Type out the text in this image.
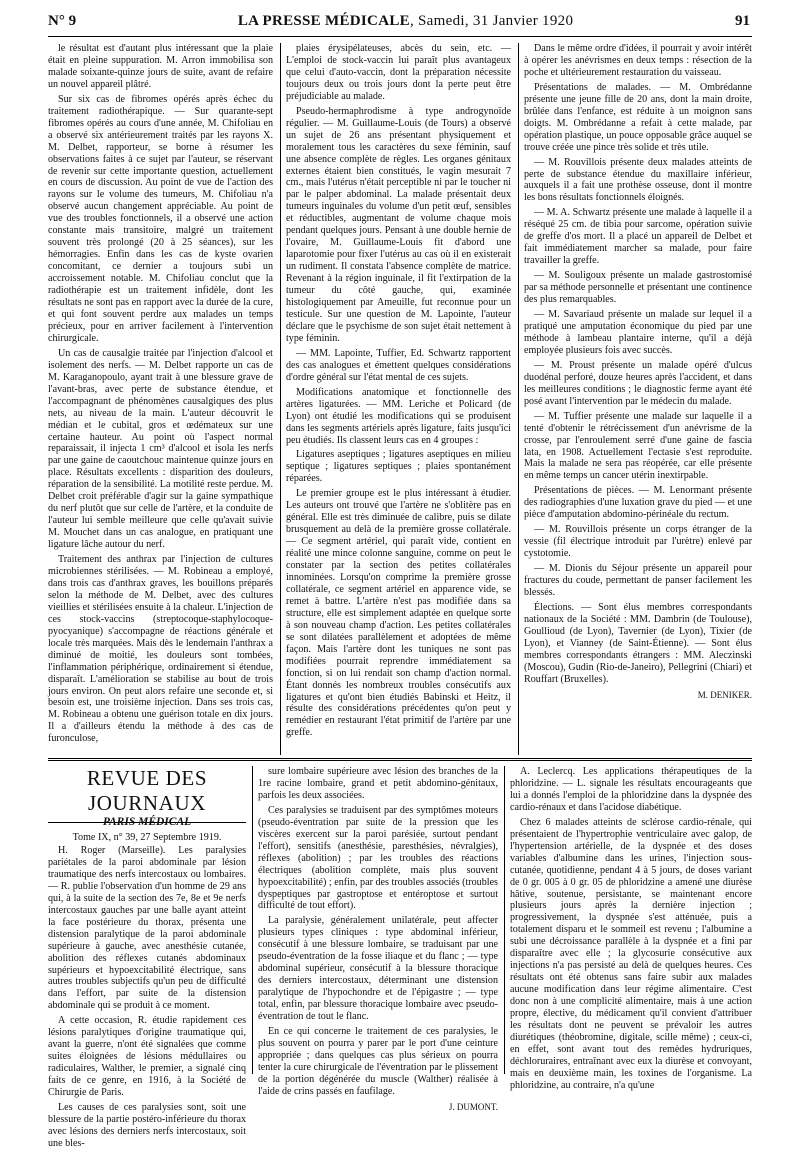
N° 9	LA PRESSE MÉDICALE, Samedi, 31 Janvier 1920	91

le résultat est d'autant plus intéressant que la plaie était en pleine suppuration. M. Arron immobilisa son malade soixante-quinze jours de suite, avant de refaire un nouvel appareil plâtré.

Sur six cas de fibromes opérés après échec du traitement radiothérapique. — Sur quarante-sept fibromes opérés au cours d'une année, M. Chifoliau en a observé six antérieurement traités par les rayons X. M. Delbet, rapporteur, se borne à résumer les observations faites à ce sujet par l'auteur, se réservant de revenir sur cette importante question, actuellement en cours de discussion. Au point de vue de l'action des rayons sur le volume des tumeurs, M. Chifoliau n'a observé aucun changement appréciable. Au point de vue des troubles fonctionnels, il a observé une action constante mais transitoire, malgré un traitement souvent très prolongé (20 à 25 séances), sur les hémorragies. Enfin dans les cas de kyste ovarien concomitant, ce dernier a toujours subi un accroissement notable. M. Chifoliau conclut que la radiothérapie est un traitement infidèle, dont les résultats ne sont pas en rapport avec la durée de la cure, et qui font souvent perdre aux malades un temps précieux, pour en arriver facilement à l'intervention chirurgicale.

Un cas de causalgie traitée par l'injection d'alcool et isolement des nerfs. — M. Delbet rapporte un cas de M. Karaganopoulo, ayant trait à une blessure grave de l'avant-bras, avec perte de substance étendue, et l'accompagnant de phénomènes causalgiques des plus nets, au niveau de la main. L'auteur découvrit le médian et le cubital, gros et œdémateux sur une certaine hauteur. Au point où l'aspect normal reparaissait, il injecta 1 cm³ d'alcool et isola les nerfs par une gaine de caoutchouc maintenue quinze jours en place. Résultats excellents : disparition des douleurs, réparation de la sensibilité. La motilité reste perdue. M. Delbet croit préférable d'agir sur la gaine sympathique du nerf plutôt que sur celle de l'artère, et la conduite de l'auteur lui semble meilleure que celle qu'avait suivie M. Mouchet dans un cas analogue, en pratiquant une ligature lâche autour du nerf.

Traitement des anthrax par l'injection de cultures microbiennes stérilisées. — M. Robineau a employé, dans trois cas d'anthrax graves, les bouillons préparés selon la méthode de M. Delbet, avec des cultures vieillies et stérilisées ensuite à la chaleur. L'injection de ces stock-vaccins (streptocoque-staphylocoque-pyocyanique) s'accompagne de réactions générale et locale très marquées. Mais dès le lendemain l'anthrax a diminué de moitié, les douleurs sont tombées, l'inflammation périphérique, ordinairement si étendue, disparaît. L'amélioration se stabilise au bout de trois jours environ. On peut alors refaire une seconde et, si besoin est, une troisième injection. Dans ses trois cas, M. Robineau a obtenu une guérison totale en dix jours. Il a d'ailleurs étendu la méthode à des cas de furonculose,

plaies érysipélateuses, abcès du sein, etc. — L'emploi de stock-vaccin lui paraît plus avantageux que celui d'auto-vaccin, dont la préparation nécessite toujours deux ou trois jours dont la perte peut être préjudiciable au malade.

Pseudo-hermaphrodisme à type androgynoïde régulier. — M. Guillaume-Louis (de Tours) a observé un sujet de 26 ans présentant physiquement et moralement tous les caractères du sexe féminin, sauf une absence complète de règles. Les organes génitaux externes étaient bien constitués, le vagin mesurait 7 cm., mais l'utérus n'était perceptible ni par le toucher ni par le palper abdominal. La malade présentait deux tumeurs inguinales du volume d'un petit œuf, sensibles et réductibles, augmentant de volume chaque mois pendant quelques jours. Pensant à une double hernie de l'ovaire, M. Guillaume-Louis fit d'abord une laparotomie pour fixer l'utérus au cas où il en existerait un rudiment. Il constata l'absence complète de matrice. Revenant à la région inguinale, il fit l'extirpation de la tumeur du côté gauche, qui, examinée histologiquement par Ameuille, fut reconnue pour un testicule. Sur une question de M. Lapointe, l'auteur déclare que le psychisme de son sujet était nettement à type féminin.

— MM. Lapointe, Tuffier, Ed. Schwartz rapportent des cas analogues et émettent quelques considérations d'ordre général sur l'état mental de ces sujets.

Modifications anatomique et fonctionnelle des artères ligaturées. — MM. Leriche et Policard (de Lyon) ont étudié les modifications qui se produisent dans les segments artériels après ligature, faits jusqu'ici peu étudiés. Ils classent leurs cas en 4 groupes :

Ligatures aseptiques ; ligatures aseptiques en milieu septique ; ligatures septiques ; plaies spontanément réparées.

Le premier groupe est le plus intéressant à étudier. Les auteurs ont trouvé que l'artère ne s'oblitère pas en général. Elle est très diminuée de calibre, puis se dilate brusquement au delà de la première grosse collatérale. — Ce segment artériel, qui paraît vide, contient en réalité une mince colonne sanguine, comme on peut le constater par la section des petites collatérales innominées. Lorsqu'on comprime la première grosse collatérale, ce segment artériel en apparence vide, se remet à battre. L'artère n'est pas modifiée dans sa structure, elle est simplement adaptée en quelque sorte à son nouveau champ d'action. Les petites collatérales se sont dilatées parallèlement et adoptées de même façon. Mais l'artère dont les tuniques ne sont pas modifiées pourrait reprendre immédiatement sa fonction, si on lui rendait son champ d'action normal. Étant donnés les nombreux troubles consécutifs aux ligatures et qu'ont bien étudiés Babinski et Heitz, il résulte des considérations précédentes qu'on peut y remédier en restaurant l'état primitif de l'artère par une greffe.

Dans le même ordre d'idées, il pourrait y avoir intérêt à opérer les anévrismes en deux temps : résection de la poche et ultérieurement restauration du vaisseau.

Présentations de malades. — M. Ombrédanne présente une jeune fille de 20 ans, dont la main droite, brûlée dans l'enfance, est réduite à un moignon sans doigts. M. Ombrédanne a refait à cette malade, par opération plastique, un pouce opposable grâce auquel se trouve créée une pince très solide et très utile.

— M. Rouvillois présente deux malades atteints de perte de substance étendue du maxillaire inférieur, auxquels il a fait une prothèse osseuse, dont il montre les bons résultats fonctionnels éloignés.

— M. A. Schwartz présente une malade à laquelle il a réséqué 25 cm. de tibia pour sarcome, opération suivie de greffe d'os mort. Il a placé un appareil de Delbet et fait immédiatement marcher sa malade, pour faire travailler la greffe.

— M. Souligoux présente un malade gastrostomisé par sa méthode personnelle et présentant une continence des plus remarquables.

— M. Savariaud présente un malade sur lequel il a pratiqué une amputation économique du pied par une méthode à lambeau plantaire interne, qu'il a déjà employée plusieurs fois avec succès.

— M. Proust présente un malade opéré d'ulcus duodénal perforé, douze heures après l'accident, et dans les meilleures conditions ; le diagnostic ferme ayant été posé avant l'intervention par le médecin du malade.

— M. Tuffier présente une malade sur laquelle il a tenté d'obtenir le rétrécissement d'un anévrisme de la crosse, par l'enroulement serré d'une gaine de fascia lata, en 1908. Actuellement l'ectasie s'est reproduite. Mais la malade ne sera pas réopérée, car elle présente en même temps un cancer utérin inextirpable.

Présentations de pièces. — M. Lenormant présente des radiographies d'une luxation grave du pied — et une pièce d'amputation abdomino-périnéale du rectum.

— M. Rouvillois présente un corps étranger de la vessie (fil électrique introduit par l'urètre) enlevé par cystotomie.

— M. Dionis du Séjour présente un appareil pour fractures du coude, permettant de panser facilement les blessés.

Élections. — Sont élus membres correspondants nationaux de la Société : MM. Dambrin (de Toulouse), Goullioud (de Lyon), Tavernier (de Lyon), Tixier (de Lyon), et Vianney (de Saint-Étienne). — Sont élus membres correspondants étrangers : MM. Aleczinski (Moscou), Gudin (Rio-de-Janeiro), Pellegrini (Chiari) et Rouffart (Bruxelles).

M. DENIKER.
REVUE DES JOURNAUX
PARIS MÉDICAL
Tome IX, n° 39, 27 Septembre 1919.

H. Roger (Marseille). Les paralysies pariétales de la paroi abdominale par lésion traumatique des nerfs intercostaux ou lombaires. — R. publie l'observation d'un homme de 29 ans qui, à la suite de la section des 7e, 8e et 9e nerfs intercostaux gauches par une balle ayant atteint la face postérieure du thorax, présenta une distension paralytique de la paroi abdominale supérieure à gauche, avec anesthésie cutanée, abolition des réflexes cutanés abdominaux supérieurs et hypoexcitabilité électrique, sans autres troubles subjectifs qu'un peu de difficulté dans l'effort, par suite de la distension abdominale qui se produit à ce moment.

A cette occasion, R. étudie rapidement ces lésions paralytiques d'origine traumatique qui, avant la guerre, n'ont été signalées que comme suites éloignées de lésions médullaires ou radiculaires, Walther, le premier, a signalé cinq faits de ce genre, en 1916, à la Société de Chirurgie de Paris.

Les causes de ces paralysies sont, soit une blessure de la partie postéro-inférieure du thorax avec lésions des derniers nerfs intercostaux, soit une bles-

sure lombaire supérieure avec lésion des branches de la 1re racine lombaire, grand et petit abdomino-génitaux, parfois les deux associées.

Ces paralysies se traduisent par des symptômes moteurs (pseudo-éventration par suite de la pression que les viscères exercent sur la paroi parésiée, surtout pendant l'effort), sensitifs (anesthésie, paresthésies, névralgies), réflexes (abolition) ; par les troubles des réactions électriques (abolition complète, mais plus souvent hypoexcitabilité) ; enfin, par des troubles associés (troubles dyspeptiques par gastroptose et entéroptose et surtout difficulté de tout effort).

La paralysie, généralement unilatérale, peut affecter plusieurs types cliniques : type abdominal inférieur, consécutif à une blessure lombaire, se traduisant par une pseudo-éventration de la fosse iliaque et du flanc ; — type abdominal supérieur, consécutif à la blessure thoracique des derniers intercostaux, déterminant une distension paralytique de l'hypochondre et de l'épigastre ; — type total, enfin, par blessure thoracique lombaire avec pseudo-éventration de tout le flanc.

En ce qui concerne le traitement de ces paralysies, le plus souvent on pourra y parer par le port d'une ceinture appropriée ; dans quelques cas plus sérieux on pourra tenter la cure chirurgicale de l'éventration par le plissement de la portion dégénérée du muscle (Walther) réalisée à l'aide de crins passés en faufilage.

J. DUMONT.

A. Leclercq. Les applications thérapeutiques de la phloridzine. — L. signale les résultats encourageants que lui a donnés l'emploi de la phloridzine dans la dyspnée des cardio-rénaux et dans l'acidose diabétique.

Chez 6 malades atteints de sclérose cardio-rénale, qui présentaient de l'hypertrophie ventriculaire avec galop, de l'hypertension artérielle, de la dyspnée et des doses variables d'albumine dans les urines, l'injection sous-cutanée, quotidienne, pendant 4 à 5 jours, de doses variant de 0 gr. 005 à 0 gr. 05 de phloridzine a amené une diurèse hâtive, soutenue, persistante, se maintenant encore plusieurs jours après la dernière injection ; progressivement, la dyspnée s'est atténuée, puis a totalement disparu et le sommeil est revenu ; l'albumine a subi une décroissance parallèle à la dyspnée et a fini par disparaître avec elle ; la glycosurie consécutive aux injections n'a pas persisté au delà de quelques heures. Ces résultats ont été obtenus sans faire subir aux malades aucune modification dans leur régime alimentaire. C'est donc non à une complicité alimentaire, mais à une action propre, élective, du médicament qu'il convient d'attribuer les résultats dont ne peuvent se prévaloir les autres diurétiques (théobromine, digitale, scille même) ; ceux-ci, en effet, sont avant tout des remèdes hydruriques, déchloruraires, entraînant avec eux la diurèse et convoyant, mais en deuxième main, les toxines de l'organisme. La phloridzine, au contraire, n'a qu'une
